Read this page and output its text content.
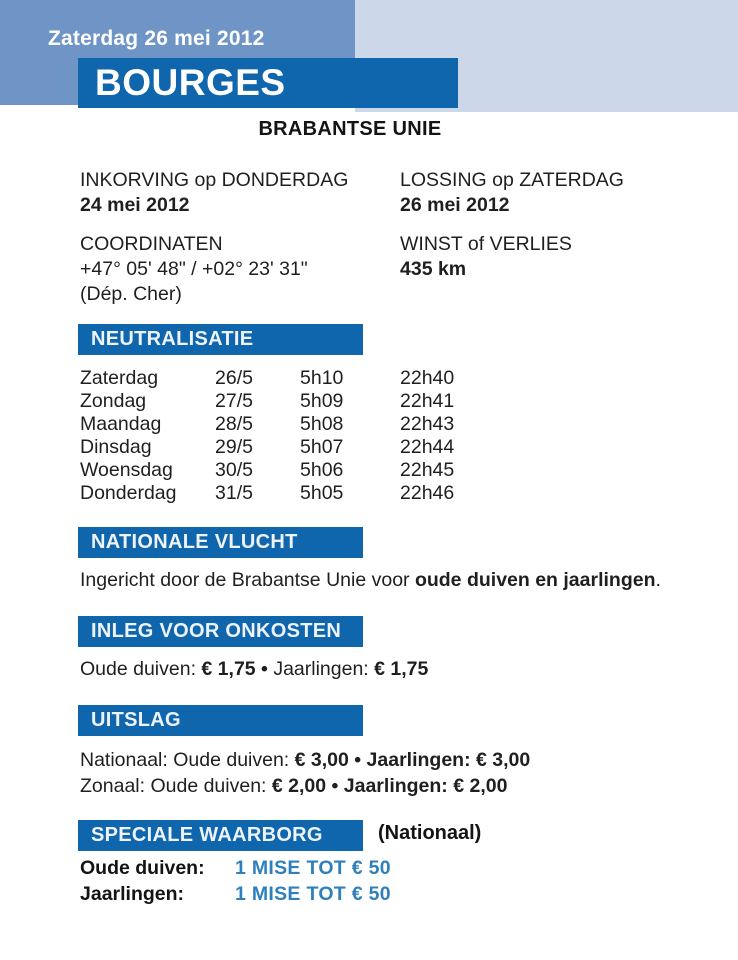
Zaterdag 26 mei 2012
BOURGES
BRABANTSE UNIE
INKORVING op DONDERDAG
24 mei 2012
COORDINATEN
+47° 05' 48" / +02° 23' 31"
(Dép. Cher)
LOSSING op ZATERDAG
26 mei 2012
WINST of VERLIES
435 km
NEUTRALISATIE
Zaterdag	26/5	5h10	22h40
Zondag	27/5	5h09	22h41
Maandag	28/5	5h08	22h43
Dinsdag	29/5	5h07	22h44
Woensdag	30/5	5h06	22h45
Donderdag	31/5	5h05	22h46
NATIONALE VLUCHT
Ingericht door de Brabantse Unie voor oude duiven en jaarlingen.
INLEG VOOR ONKOSTEN
Oude duiven: € 1,75 • Jaarlingen: € 1,75
UITSLAG
Nationaal: Oude duiven: € 3,00 • Jaarlingen: € 3,00
Zonaal: Oude duiven: € 2,00 • Jaarlingen: € 2,00
SPECIALE WAARBORG	(Nationaal)
Oude duiven:	1 MISE TOT € 50
Jaarlingen:	1 MISE TOT € 50
